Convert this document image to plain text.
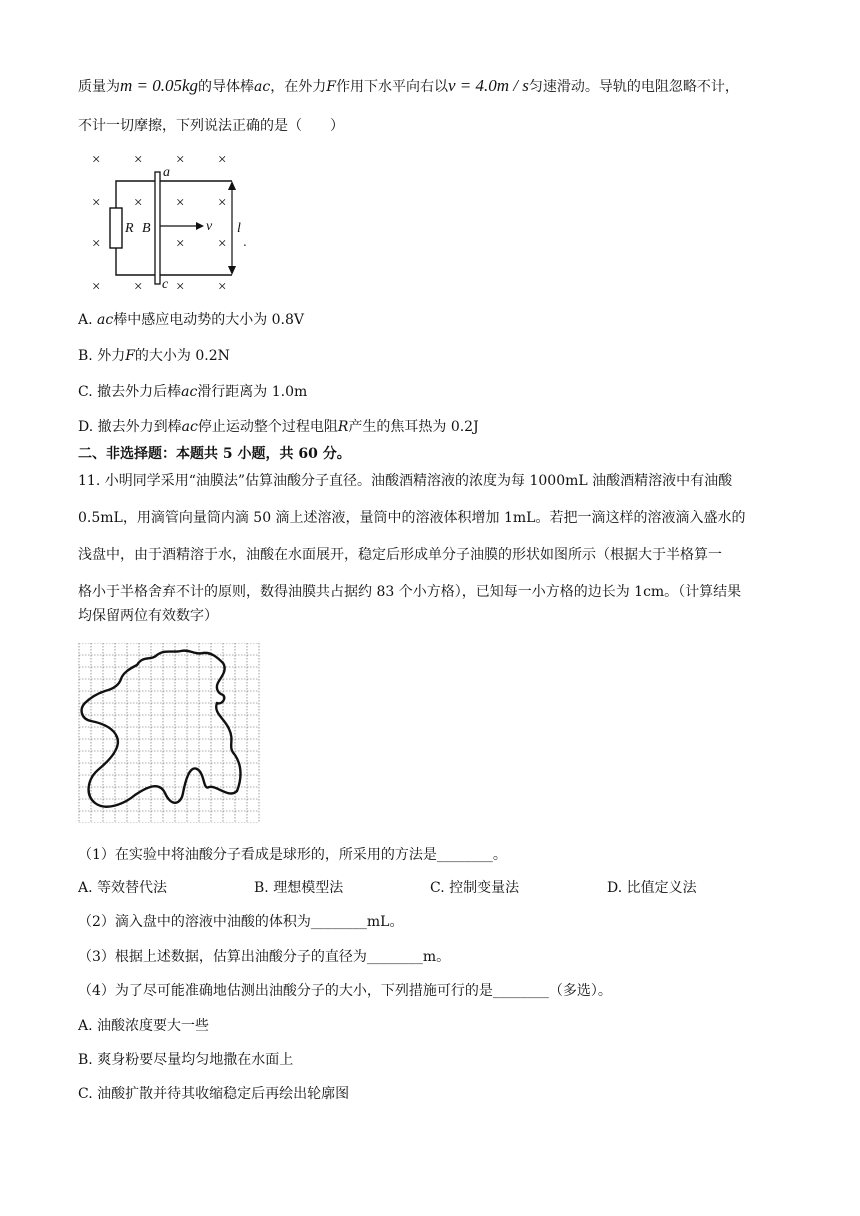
质量为m = 0.05kg的导体棒ac，在外力F作用下水平向右以v = 4.0m / s匀速滑动。导轨的电阻忽略不计，
不计一切摩擦，下列说法正确的是（　　）
× × × ×
× × × ×
×	× ×
× × × ×
a
c
R B	v l
.
A. ac棒中感应电动势的大小为 0.8V
B. 外力F的大小为 0.2N
C. 撤去外力后棒ac滑行距离为 1.0m
D. 撤去外力到棒ac停止运动整个过程电阻R产生的焦耳热为 0.2J
二、非选择题：本题共 5 小题，共 60 分。
11. 小明同学采用“油膜法”估算油酸分子直径。油酸酒精溶液的浓度为每 1000mL 油酸酒精溶液中有油酸
0.5mL，用滴管向量筒内滴 50 滴上述溶液，量筒中的溶液体积增加 1mL。若把一滴这样的溶液滴入盛水的
浅盘中，由于酒精溶于水，油酸在水面展开，稳定后形成单分子油膜的形状如图所示（根据大于半格算一
格小于半格舍弃不计的原则，数得油膜共占据约 83 个小方格），已知每一小方格的边长为 1cm。（计算结果
均保留两位有效数字）
（1）在实验中将油酸分子看成是球形的，所采用的方法是________。
A. 等效替代法	B. 理想模型法	C. 控制变量法	D. 比值定义法
（2）滴入盘中的溶液中油酸的体积为________mL。
（3）根据上述数据，估算出油酸分子的直径为________m。
（4）为了尽可能准确地估测出油酸分子的大小，下列措施可行的是________（多选）。
A. 油酸浓度要大一些
B. 爽身粉要尽量均匀地撒在水面上
C. 油酸扩散并待其收缩稳定后再绘出轮廓图
